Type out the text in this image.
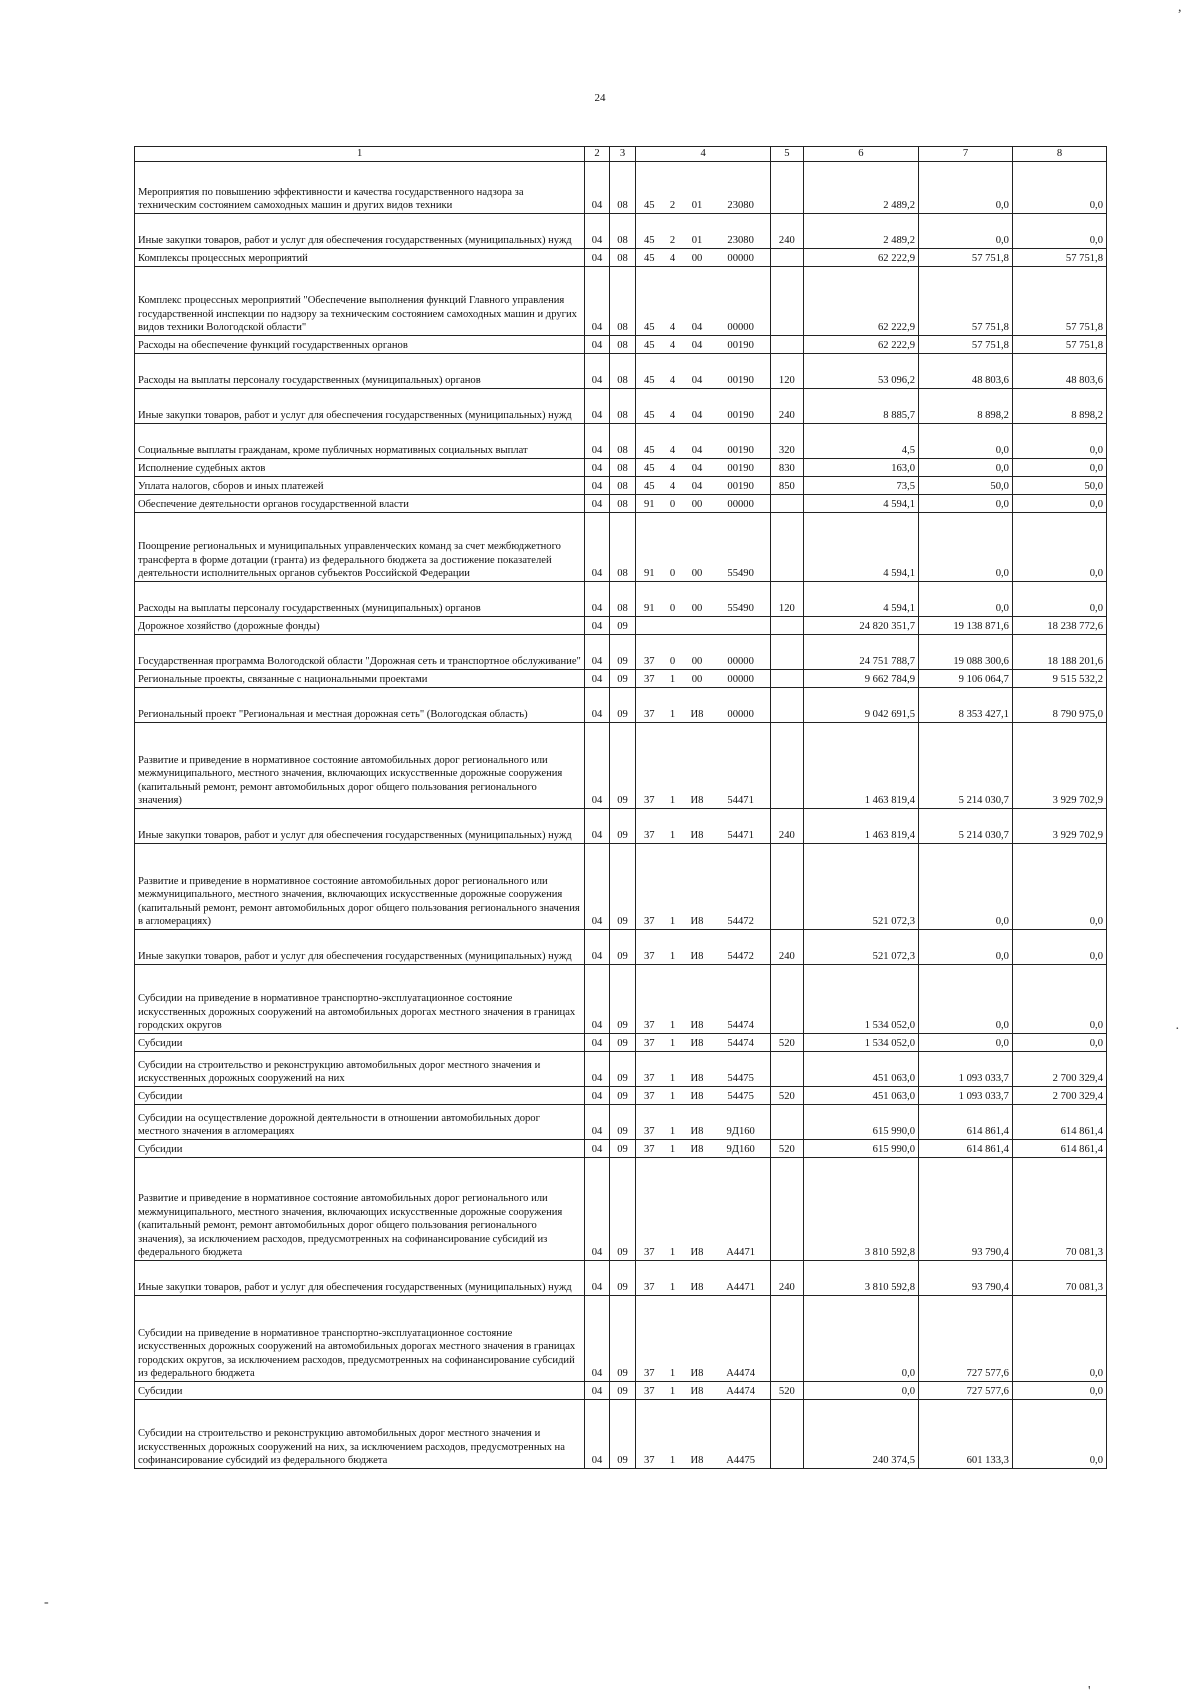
24
1	2	3	4				5	6	7	8
Мероприятия по повышению эффективности и качества государственного надзора за техническим состоянием самоходных машин и других видов техники	04	08	45	2	01	23080		2 489,2	0,0	0,0
Иные закупки товаров, работ и услуг для обеспечения государственных (муниципальных) нужд	04	08	45	2	01	23080	240	2 489,2	0,0	0,0
Комплексы процессных мероприятий	04	08	45	4	00	00000		62 222,9	57 751,8	57 751,8
Комплекс процессных мероприятий "Обеспечение выполнения функций Главного управления государственной инспекции по надзору за техническим состоянием самоходных машин и других видов техники Вологодской области"	04	08	45	4	04	00000		62 222,9	57 751,8	57 751,8
Расходы на обеспечение функций государственных органов	04	08	45	4	04	00190		62 222,9	57 751,8	57 751,8
Расходы на выплаты персоналу государственных (муниципальных) органов	04	08	45	4	04	00190	120	53 096,2	48 803,6	48 803,6
Иные закупки товаров, работ и услуг для обеспечения государственных (муниципальных) нужд	04	08	45	4	04	00190	240	8 885,7	8 898,2	8 898,2
Социальные выплаты гражданам, кроме публичных нормативных социальных выплат	04	08	45	4	04	00190	320	4,5	0,0	0,0
Исполнение судебных актов	04	08	45	4	04	00190	830	163,0	0,0	0,0
Уплата налогов, сборов и иных платежей	04	08	45	4	04	00190	850	73,5	50,0	50,0
Обеспечение деятельности органов государственной власти	04	08	91	0	00	00000		4 594,1	0,0	0,0
Поощрение региональных и муниципальных управленческих команд за счет межбюджетного трансферта в форме дотации (гранта) из федерального бюджета за достижение показателей деятельности исполнительных органов субъектов Российской Федерации	04	08	91	0	00	55490		4 594,1	0,0	0,0
Расходы на выплаты персоналу государственных (муниципальных) органов	04	08	91	0	00	55490	120	4 594,1	0,0	0,0
Дорожное хозяйство (дорожные фонды)	04	09						24 820 351,7	19 138 871,6	18 238 772,6
Государственная программа Вологодской области "Дорожная сеть и транспортное обслуживание"	04	09	37	0	00	00000		24 751 788,7	19 088 300,6	18 188 201,6
Региональные проекты, связанные с национальными проектами	04	09	37	1	00	00000		9 662 784,9	9 106 064,7	9 515 532,2
Региональный проект "Региональная и местная дорожная сеть" (Вологодская область)	04	09	37	1	И8	00000		9 042 691,5	8 353 427,1	8 790 975,0
Развитие и приведение в нормативное состояние автомобильных дорог регионального или межмуниципального, местного значения, включающих искусственные дорожные сооружения (капитальный ремонт, ремонт автомобильных дорог общего пользования регионального значения)	04	09	37	1	И8	54471		1 463 819,4	5 214 030,7	3 929 702,9
Иные закупки товаров, работ и услуг для обеспечения государственных (муниципальных) нужд	04	09	37	1	И8	54471	240	1 463 819,4	5 214 030,7	3 929 702,9
Развитие и приведение в нормативное состояние автомобильных дорог регионального или межмуниципального, местного значения, включающих искусственные дорожные сооружения (капитальный ремонт, ремонт автомобильных дорог общего пользования регионального значения в агломерациях)	04	09	37	1	И8	54472		521 072,3	0,0	0,0
Иные закупки товаров, работ и услуг для обеспечения государственных (муниципальных) нужд	04	09	37	1	И8	54472	240	521 072,3	0,0	0,0
Субсидии на приведение в нормативное транспортно-эксплуатационное состояние искусственных дорожных сооружений на автомобильных дорогах местного значения в границах городских округов	04	09	37	1	И8	54474		1 534 052,0	0,0	0,0
Субсидии	04	09	37	1	И8	54474	520	1 534 052,0	0,0	0,0
Субсидии на строительство и реконструкцию автомобильных дорог местного значения и искусственных дорожных сооружений на них	04	09	37	1	И8	54475		451 063,0	1 093 033,7	2 700 329,4
Субсидии	04	09	37	1	И8	54475	520	451 063,0	1 093 033,7	2 700 329,4
Субсидии на осуществление дорожной деятельности в отношении автомобильных дорог местного значения в агломерациях	04	09	37	1	И8	9Д160		615 990,0	614 861,4	614 861,4
Субсидии	04	09	37	1	И8	9Д160	520	615 990,0	614 861,4	614 861,4
Развитие и приведение в нормативное состояние автомобильных дорог регионального или межмуниципального, местного значения, включающих искусственные дорожные сооружения (капитальный ремонт, ремонт автомобильных дорог общего пользования регионального значения), за исключением расходов, предусмотренных на софинансирование субсидий из федерального бюджета	04	09	37	1	И8	А4471		3 810 592,8	93 790,4	70 081,3
Иные закупки товаров, работ и услуг для обеспечения государственных (муниципальных) нужд	04	09	37	1	И8	А4471	240	3 810 592,8	93 790,4	70 081,3
Субсидии на приведение в нормативное транспортно-эксплуатационное состояние искусственных дорожных сооружений на автомобильных дорогах местного значения в границах городских округов, за исключением расходов, предусмотренных на софинансирование субсидий из федерального бюджета	04	09	37	1	И8	А4474		0,0	727 577,6	0,0
Субсидии	04	09	37	1	И8	А4474	520	0,0	727 577,6	0,0
Субсидии на строительство и реконструкцию автомобильных дорог местного значения и искусственных дорожных сооружений на них, за исключением расходов, предусмотренных на софинансирование субсидий из федерального бюджета	04	09	37	1	И8	А4475		240 374,5	601 133,3	0,0
,
·
-
'
